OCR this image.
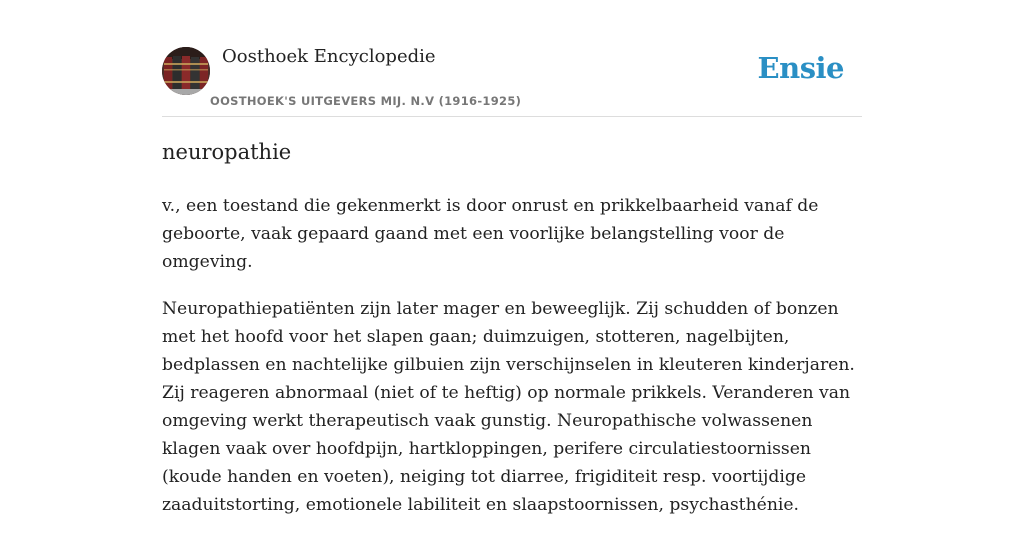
Oosthoek Encyclopedie
OOSTHOEK'S UITGEVERS MIJ. N.V (1916-1925)
Ensie
neuropathie

v., een toestand die gekenmerkt is door onrust en prikkelbaarheid vanaf de geboorte, vaak gepaard gaand met een voorlijke belangstelling voor de omgeving.

Neuropathiepatiënten zijn later mager en beweeglijk. Zij schudden of bonzen met het hoofd voor het slapen gaan; duimzuigen, stotteren, nagelbijten, bedplassen en nachtelijke gilbuien zijn verschijnselen in kleuteren kinderjaren. Zij reageren abnormaal (niet of te heftig) op normale prikkels. Veranderen van omgeving werkt therapeutisch vaak gunstig. Neuropathische volwassenen klagen vaak over hoofdpijn, hartkloppingen, perifere circulatiestoornissen (koude handen en voeten), neiging tot diarree, frigiditeit resp. voortijdige zaaduitstorting, emotionele labiliteit en slaapstoornissen, psychasthénie.
